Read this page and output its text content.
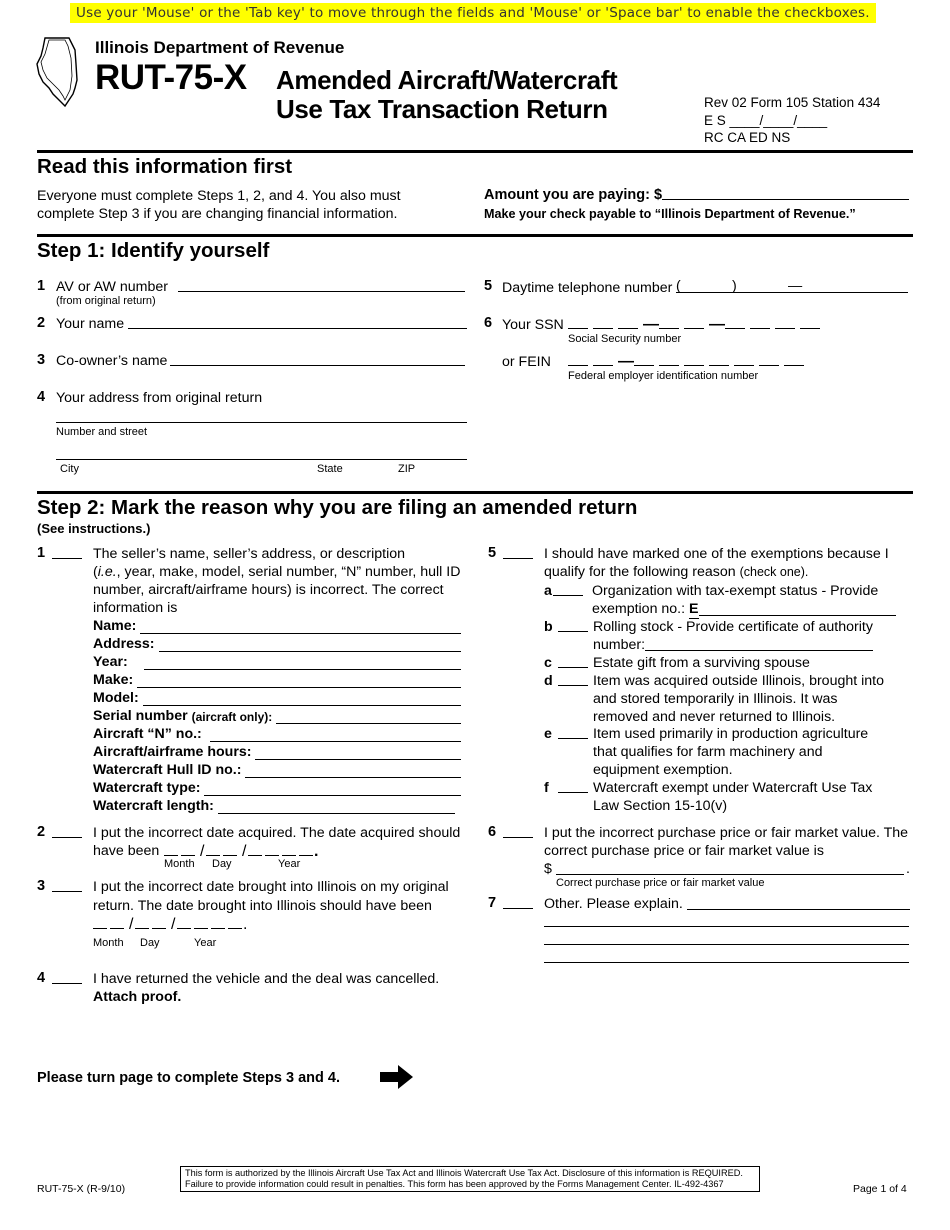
Use your 'Mouse' or the 'Tab key' to move through the fields and 'Mouse' or 'Space bar' to enable the checkboxes.
Illinois Department of Revenue
RUT-75-X Amended Aircraft/Watercraft
Use Tax Transaction Return	Rev 02 Form 105 Station 434
E S ____/____/____
RC CA ED NS
Read this information first
Everyone must complete Steps 1, 2, and 4. You also must complete Step 3 if you are changing financial information.
Amount you are paying: $
Make your check payable to “Illinois Department of Revenue.”
Step 1: Identify yourself
1 AV or AW number
(from original return)
2 Your name
3 Co-owner’s name
4 Your address from original return
Number and street
City	State	ZIP
5 Daytime telephone number (	)	—
6 Your SSN	—	—
Social Security number
or FEIN	—
Federal employer identification number
Step 2: Mark the reason why you are filing an amended return
(See instructions.)
1	The seller’s name, seller’s address, or description
(i.e., year, make, model, serial number, “N” number, hull ID
number, aircraft/airframe hours) is incorrect. The correct
information is
Name:
Address:
Year:
Make:
Model:
Serial number
(aircraft only):
Aircraft “N” no.:
Aircraft/airframe hours:
Watercraft Hull ID no.:
Watercraft type:
Watercraft length:
2	I put the incorrect date acquired. The date acquired should
have been	/ /	.
Month Day	Year
3	I put the incorrect date brought into Illinois on my original
return. The date brought into Illinois should have been
/ /	.
Month Day	Year
4	I have returned the vehicle and the deal was cancelled.
Attach proof.
5	I should have marked one of the exemptions because I
qualify for the following reason (check one).
a	Organization with tax-exempt status - Provide
exemption no.:
E
b	Rolling stock - Provide certificate of authority
number:
c	Estate gift from a surviving spouse
d	Item was acquired outside Illinois, brought into
and stored temporarily in Illinois. It was
removed and never returned to Illinois.
e	Item used primarily in production agriculture
that qualifies for farm machinery and
equipment exemption.
f	Watercraft exempt under Watercraft Use Tax
Law Section 15-10(v)
6	I put the incorrect purchase price or fair market value. The
correct purchase price or fair market value is
$	.
Correct purchase price or fair market value
7	Other. Please explain.
Please turn page to complete Steps 3 and 4.
RUT-75-X (R-9/10)
This form is authorized by the Illinois Aircraft Use Tax Act and Illinois Watercraft Use Tax Act. Disclosure of this information is REQUIRED.
Failure to provide information could result in penalties. This form has been approved by the Forms Management Center. IL-492-4367	Page 1 of 4
